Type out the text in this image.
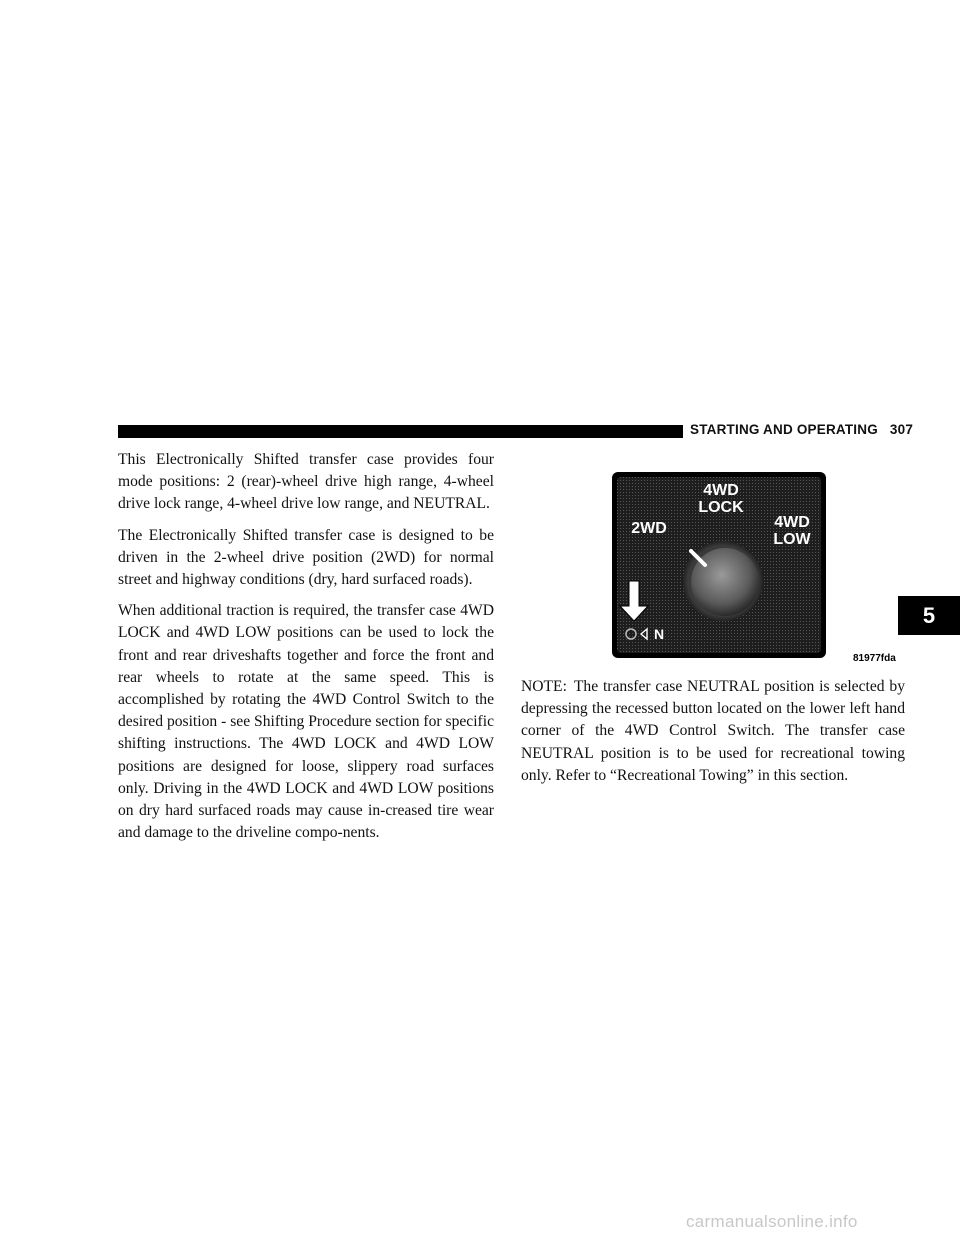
STARTING AND OPERATING 307

This Electronically Shifted transfer case provides four mode positions: 2 (rear)-wheel drive high range, 4-wheel drive lock range, 4-wheel drive low range, and NEUTRAL.

The Electronically Shifted transfer case is designed to be driven in the 2-wheel drive position (2WD) for normal street and highway conditions (dry, hard surfaced roads).

When additional traction is required, the transfer case 4WD LOCK and 4WD LOW positions can be used to lock the front and rear driveshafts together and force the front and rear wheels to rotate at the same speed. This is accomplished by rotating the 4WD Control Switch to the desired position - see Shifting Procedure section for specific shifting instructions. The 4WD LOCK and 4WD LOW positions are designed for loose, slippery road surfaces only. Driving in the 4WD LOCK and 4WD LOW positions on dry hard surfaced roads may cause in-creased tire wear and damage to the driveline compo-nents.

4WD
LOCK
2WD	4WD
LOW
N
81977fda

NOTE: The transfer case NEUTRAL position is selected by depressing the recessed button located on the lower left hand corner of the 4WD Control Switch. The transfer case NEUTRAL position is to be used for recreational towing only. Refer to “Recreational Towing” in this section.

5
carmanualsonline.info
